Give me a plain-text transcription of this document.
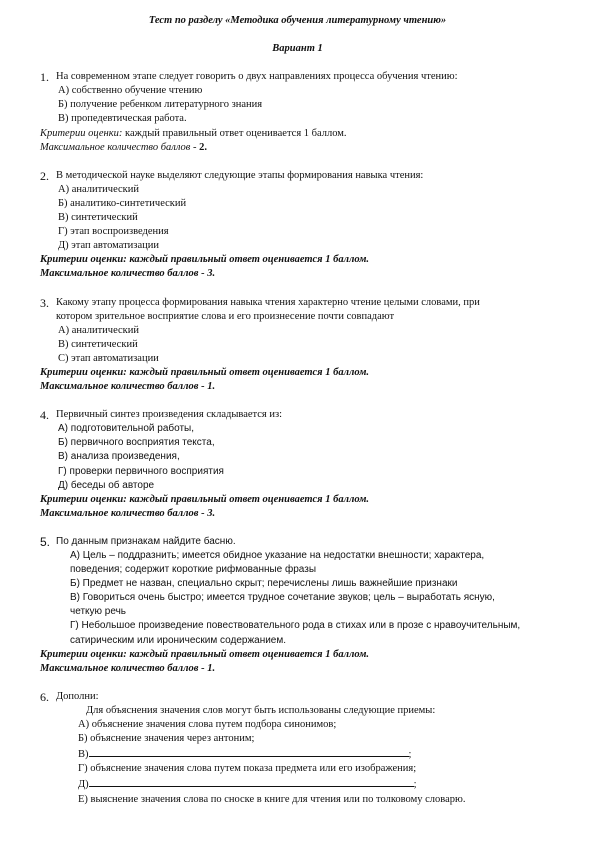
Тест по разделу «Методика обучения литературному чтению»
Вариант 1
1. На современном этапе следует говорить о двух направлениях процесса обучения чтению:
А) собственно обучение чтению
Б) получение ребенком литературного знания
В) пропедевтическая работа.
Критерии оценки: каждый правильный ответ оценивается 1 баллом.
Максимальное количество баллов - 2.
2. В методической науке выделяют следующие этапы формирования навыка чтения:
А) аналитический
Б) аналитико-синтетический
В) синтетический
Г) этап воспроизведения
Д) этап автоматизации
Критерии оценки: каждый правильный ответ оценивается 1 баллом.
Максимальное количество баллов - 3.
3. Какому этапу процесса формирования навыка чтения характерно чтение целыми словами, при
котором зрительное восприятие слова и его произнесение почти совпадают
А) аналитический
В) синтетический
С) этап автоматизации
Критерии оценки: каждый правильный ответ оценивается 1 баллом.
Максимальное количество баллов - 1.
4. Первичный синтез произведения складывается из:
А) подготовительной работы,
Б) первичного восприятия текста,
В) анализа произведения,
Г) проверки первичного восприятия
Д) беседы об авторе
Критерии оценки: каждый правильный ответ оценивается 1 баллом.
Максимальное количество баллов - 3.
5. По данным признакам найдите басню.
А) Цель – поддразнить; имеется обидное указание на недостатки внешности; характера,
поведения; содержит короткие рифмованные фразы
Б) Предмет не назван, специально скрыт; перечислены лишь важнейшие признаки
В) Говориться очень быстро; имеется трудное сочетание звуков; цель – выработать ясную,
четкую речь
Г) Небольшое произведение повествовательного рода в стихах или в прозе с нравоучительным,
сатирическим или ироническим содержанием.
Критерии оценки: каждый правильный ответ оценивается 1 баллом.
Максимальное количество баллов - 1.
6. Дополни:
Для объяснения значения слов могут быть использованы следующие приемы:
А) объяснение значения слова путем подбора синонимов;
Б) объяснение значения через антоним;
В)	;
Г) объяснение значения слова путем показа предмета или его изображения;
Д)	;
Е) выяснение значения слова по сноске в книге для чтения или по толковому словарю.
